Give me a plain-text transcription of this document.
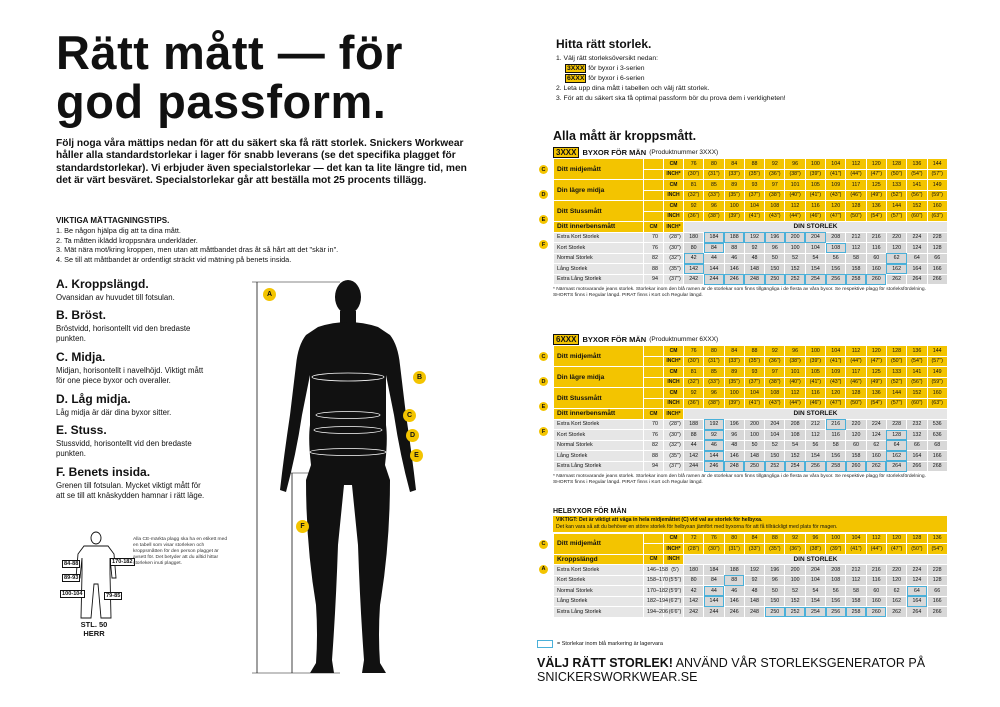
Rätt mått — för
god passform.
Följ noga våra mättips nedan för att du säkert ska få rätt storlek. Snickers Workwear håller alla standardstorlekar i lager för snabb leverans (se det specifika plagget för standardstorlekar). Vi erbjuder även specialstorlekar — det kan ta lite längre tid, men det är värt besväret. Specialstorlekar går att beställa mot 25 procents tillägg.
VIKTIGA MÄTTAGNINGSTIPS.
1. Be någon hjälpa dig att ta dina mått.
2. Ta måtten iklädd kroppsnära underkläder.
3. Mät nära mot/kring kroppen, men utan att måttbandet dras åt så hårt att det "skär in".
4. Se till att måttbandet är ordentligt sträckt vid mätning på benets insida.
A. Kroppslängd.
Ovansidan av huvudet till fotsulan.
B. Bröst.
Bröstvidd, horisontellt vid den bredaste punkten.
C. Midja.
Midjan, horisontellt i navelhöjd. Viktigt mått för one piece byxor och overaller.
D. Låg midja.
Låg midja är där dina byxor sitter.
E. Stuss.
Stussvidd, horisontellt vid den bredaste punkten.
F. Benets insida.
Grenen till fotsulan. Mycket viktigt mått för att se till att knäskydden hamnar i rätt läge.
A
B
C
D
E
F
84-88	170-182
89-93
100-104	79-85
STL. 50
HERR
Alla CE-märkta plagg ska ha en etikett med en tabell som visar storleken och kroppsmåtten för den person plagget är avsett för. Det betyder att du alltid hittar storleken inuti plagget.
Hitta rätt storlek.
1. Välj rätt storleksöversikt nedan:
3XXX för byxor i 3-serien
6XXX för byxor i 6-serien
2. Leta upp dina mått i tabellen och välj rätt storlek.
3. För att du säkert ska få optimal passform bör du prova dem i verkligheten!
Alla mått är kroppsmått.
3XXX BYXOR FÖR MÄN (Produktnummer 3XXX)
C
D
E
F
Ditt midjemått		CM	76	80	84	88	92	96	100	104	112	120	128	136	144	
		INCH*	(30")	(31")	(33")	(35")	(36")	(38")	(39")	(41")	(44")	(47")	(50")	(54")	(57")	
Din lägre midja		CM	81	85	89	93	97	101	105	109	117	125	133	141	149	
		INCH	(32")	(33")	(35")	(37")	(38")	(40")	(41")	(43")	(46")	(49")	(52")	(56")	(59")	
Ditt Stussmått		CM	92	96	100	104	108	112	116	120	128	136	144	152	160	
		INCH	(36")	(38")	(39")	(41")	(43")	(44")	(46")	(47")	(50")	(54")	(57")	(60")	(63")	
Ditt innerbensmått	CM	INCH*	DIN STORLEK													
Extra Kort Storlek	70	(28")	180	184	188	192	196	200	204	208	212	216	220	224	228	
Kort Storlek	76	(30")	80	84	88	92	96	100	104	108	112	116	120	124	128	
Normal Storlek	82	(32")	42	44	46	48	50	52	54	56	58	60	62	64	66	
Lång Storlek	88	(35")	142	144	146	148	150	152	154	156	158	160	162	164	166	
Extra Lång Storlek	94	(37")	242	244	246	248	250	252	254	256	258	260	262	264	266	
* Närmast motsvarande jeans storlek. Storlekar inom den blå ramen är de storlekar som finns tillgängliga i de flesta av våra byxor. Se respektive plagg för storleksfördelning. SHORTS finns i Regular längd. PIRAT finns i Kort och Regular längd.
6XXX BYXOR FÖR MÄN (Produktnummer 6XXX)
C
D
E
F
Ditt midjemått		CM	76	80	84	88	92	96	100	104	112	120	128	136	144	
		INCH*	(30")	(31")	(33")	(35")	(36")	(38")	(39")	(41")	(44")	(47")	(50")	(54")	(57")	
Din lägre midja		CM	81	85	89	93	97	101	105	109	117	125	133	141	149	
		INCH	(32")	(33")	(35")	(37")	(38")	(40")	(41")	(43")	(46")	(49")	(52")	(56")	(59")	
Ditt Stussmått		CM	92	96	100	104	108	112	116	120	128	136	144	152	160	
		INCH	(36")	(38")	(39")	(41")	(43")	(44")	(46")	(47")	(50")	(54")	(57")	(60")	(63")	
Ditt innerbensmått	CM	INCH*	DIN STORLEK													
Extra Kort Storlek	70	(28")	188	192	196	200	204	208	212	216	220	224	228	232	536	
Kort Storlek	76	(30")	88	92	96	100	104	108	112	116	120	124	128	132	636	
Normal Storlek	82	(32")	44	46	48	50	52	54	56	58	60	62	64	66	68	
Lång Storlek	88	(35")	142	144	146	148	150	152	154	156	158	160	162	164	166	
Extra Lång Storlek	94	(37")	244	246	248	250	252	254	256	258	260	262	264	266	268	
* Närmast motsvarande jeans storlek. Storlekar inom den blå ramen är de storlekar som finns tillgängliga i de flesta av våra byxor. Se respektive plagg för storleksfördelning. SHORTS finns i Regular längd. PIRAT finns i Kort och Regular längd.
HELBYXOR FÖR MÄN
VIKTIGT: Det är viktigt att väga in hela midjemåttet (C) vid val av storlek för helbyxa.
Det kan vara så att du behöver en större storlek för helbyxan jämfört med byxorna för att få tillräckligt med plats för magen.
C
A
Ditt midjemått		CM	72	76	80	84	88	92	96	100	104	112	120	128	136	
		INCH*	(28")	(30")	(31")	(33")	(35")	(36")	(38")	(39")	(41")	(44")	(47")	(50")	(54")	
Kroppslängd	CM	INCH	DIN STORLEK													
Extra Kort Storlek	146–158	(5')	180	184	188	192	196	200	204	208	212	216	220	224	228	
Kort Storlek	158–170	(5'5")	80	84	88	92	96	100	104	108	112	116	120	124	128	
Normal Storlek	170–182	(5'9")	42	44	46	48	50	52	54	56	58	60	62	64	66	
Lång Storlek	182–194	(6'2")	142	144	146	148	150	152	154	156	158	160	162	164	166	
Extra Lång Storlek	194–206	(6'6")	242	244	246	248	250	252	254	256	258	260	262	264	266	
= Storlekar inom blå markering är lagervara
VÄLJ RÄTT STORLEK! ANVÄND VÅR STORLEKSGENERATOR PÅ
SNICKERSWORKWEAR.SE
